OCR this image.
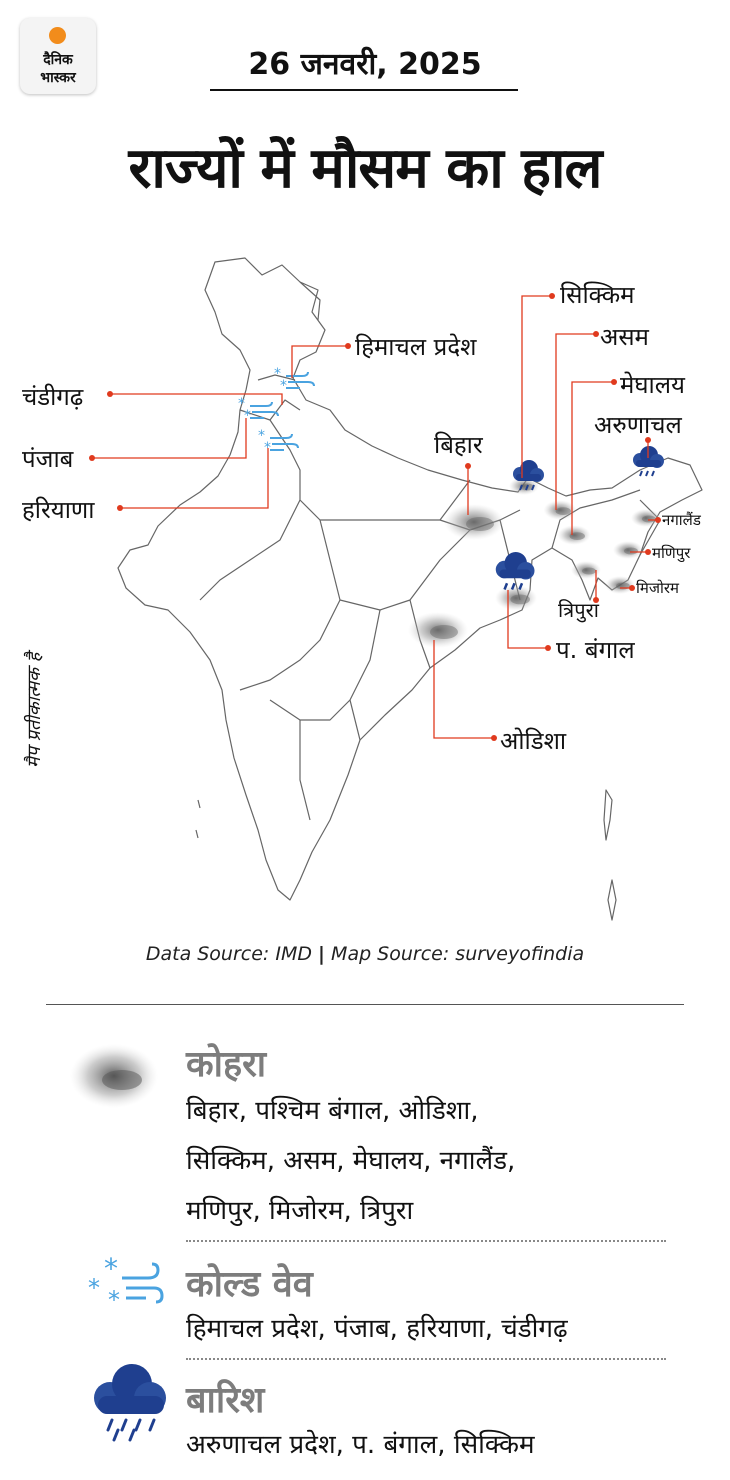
दैनिक
भास्कर	26 जनवरी, 2025
राज्यों में मौसम का हाल
सिक्किम
हिमाचल प्रदेश	असम
मेघालय
चंडीगढ़
अरुणाचल
बिहार
पंजाब
नगालैंड
हरियाणा
मणिपुर
मिजोरम
त्रिपुरा
प. बंगाल
ओडिशा
मैप प्रतीकात्मक है
Data Source: IMD | Map Source: surveyofindia
कोहरा
बिहार, पश्चिम बंगाल, ओडिशा,
सिक्किम, असम, मेघालय, नगालैंड,
मणिपुर, मिजोरम, त्रिपुरा
*
* * कोल्ड वेव
हिमाचल प्रदेश, पंजाब, हरियाणा, चंडीगढ़
बारिश
अरुणाचल प्रदेश, प. बंगाल, सिक्किम
